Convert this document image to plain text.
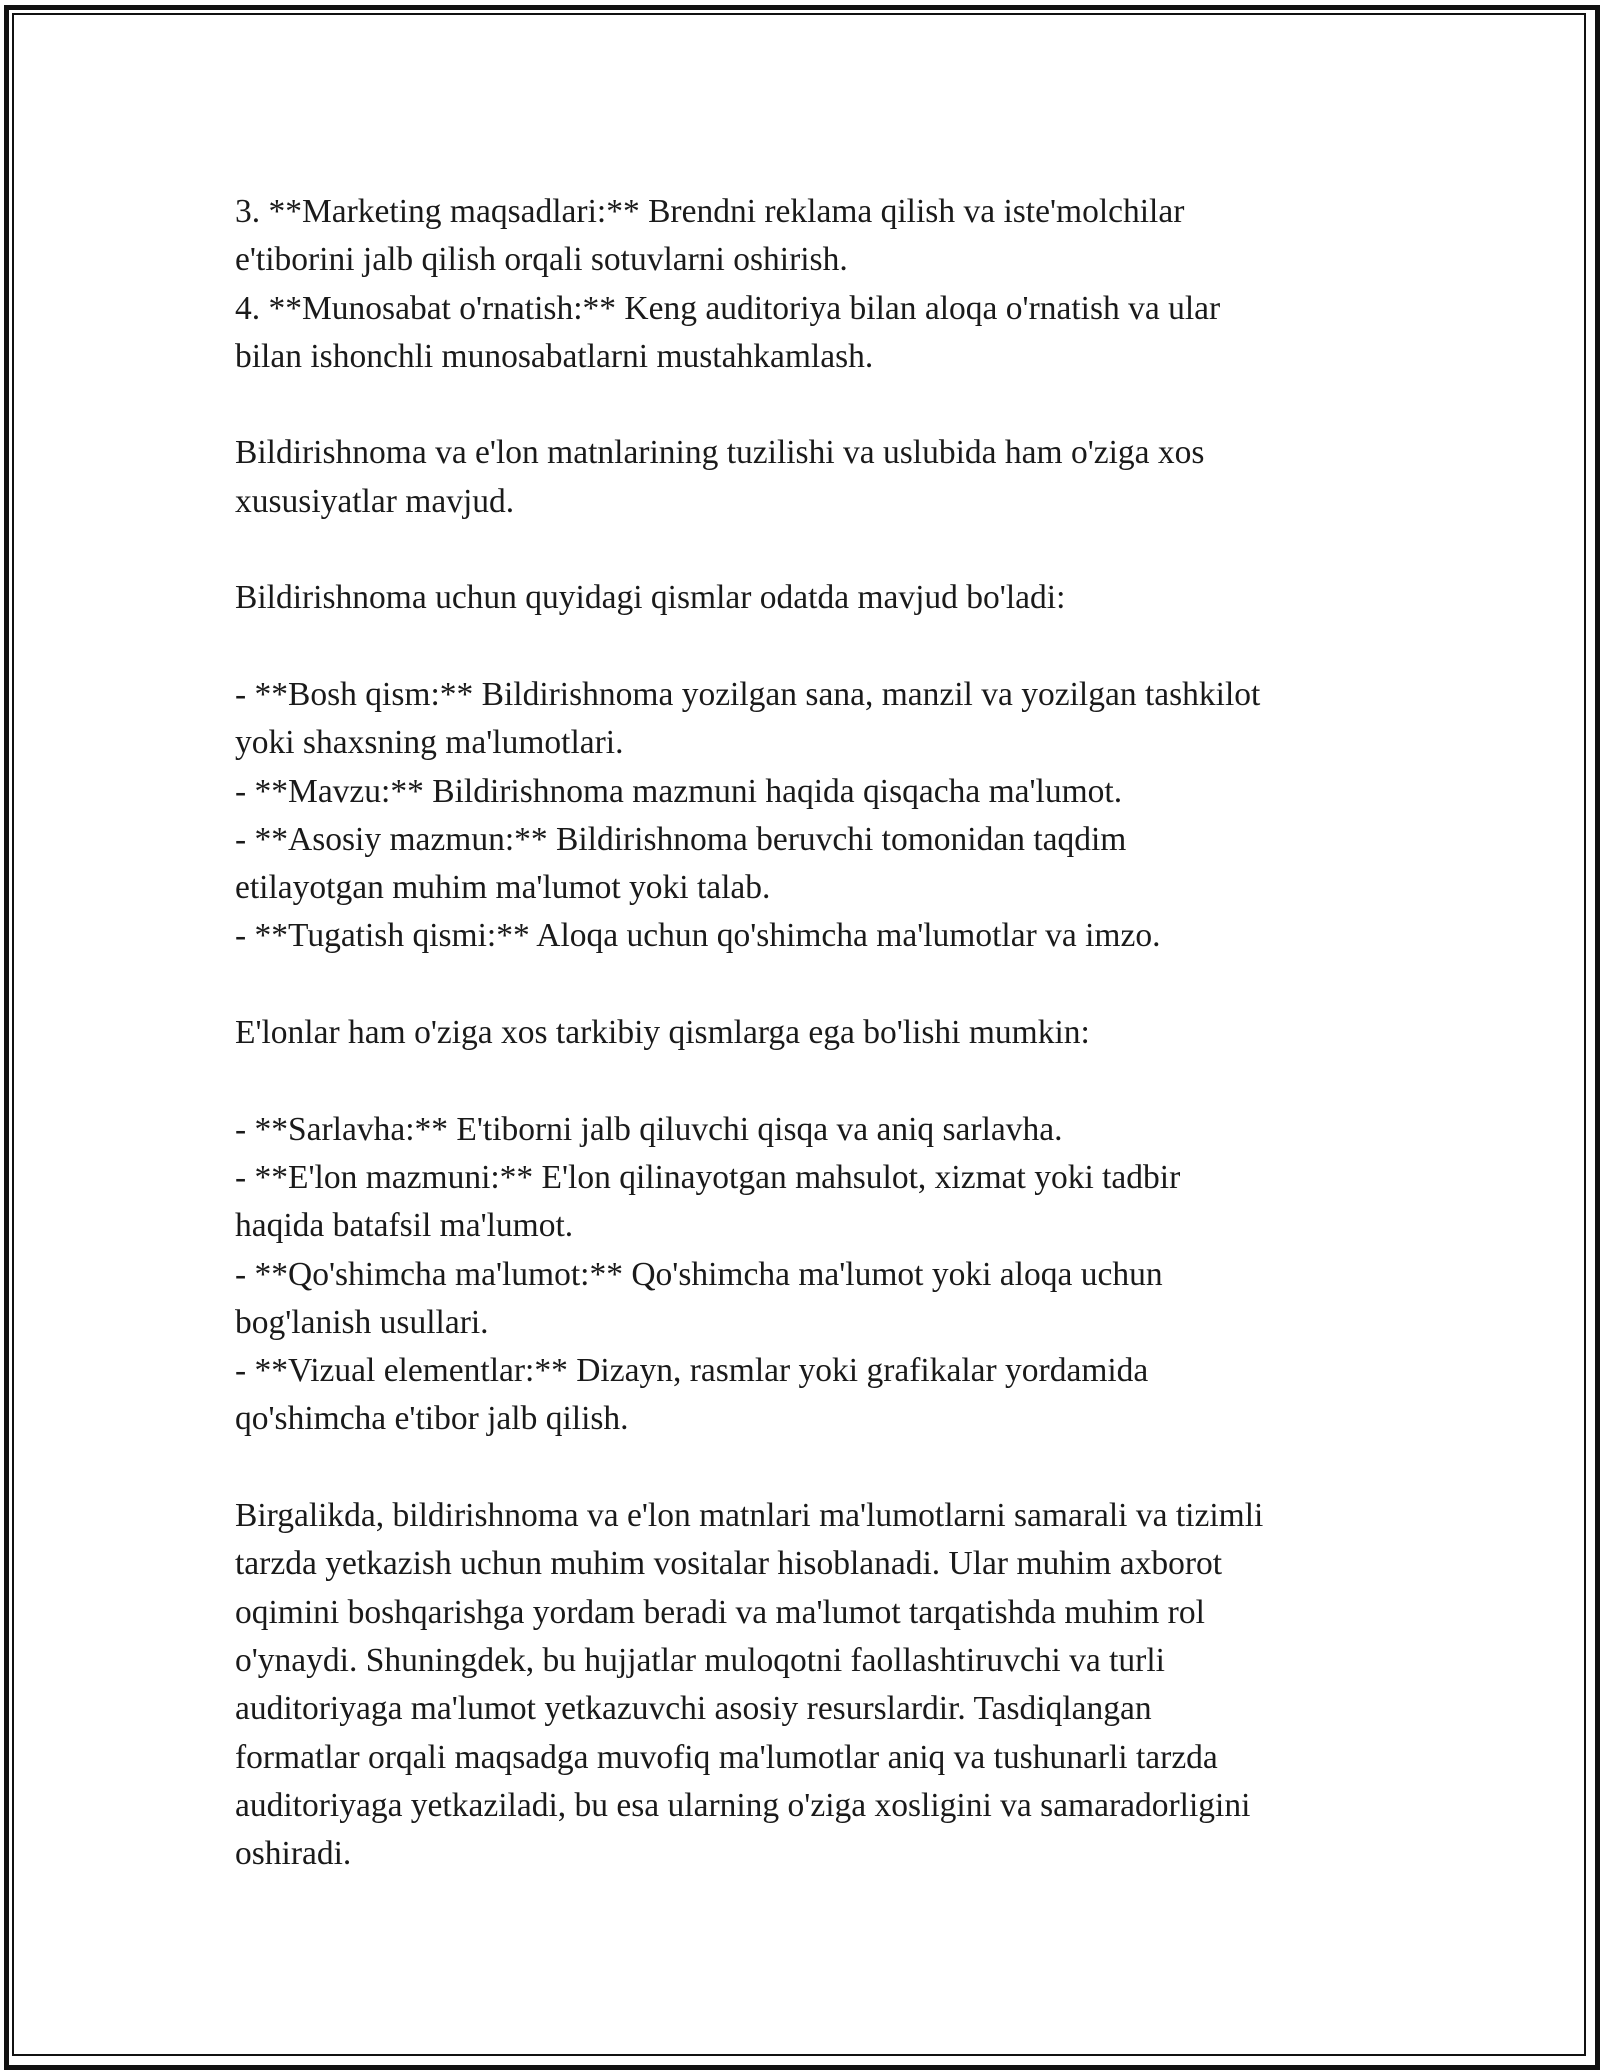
3. **Marketing maqsadlari:** Brendni reklama qilish va iste'molchilar
e'tiborini jalb qilish orqali sotuvlarni oshirish.
4. **Munosabat o'rnatish:** Keng auditoriya bilan aloqa o'rnatish va ular
bilan ishonchli munosabatlarni mustahkamlash.
Bildirishnoma va e'lon matnlarining tuzilishi va uslubida ham o'ziga xos
xususiyatlar mavjud.
Bildirishnoma uchun quyidagi qismlar odatda mavjud bo'ladi:
- **Bosh qism:** Bildirishnoma yozilgan sana, manzil va yozilgan tashkilot
yoki shaxsning ma'lumotlari.
- **Mavzu:** Bildirishnoma mazmuni haqida qisqacha ma'lumot.
- **Asosiy mazmun:** Bildirishnoma beruvchi tomonidan taqdim
etilayotgan muhim ma'lumot yoki talab.
- **Tugatish qismi:** Aloqa uchun qo'shimcha ma'lumotlar va imzo.
E'lonlar ham o'ziga xos tarkibiy qismlarga ega bo'lishi mumkin:
- **Sarlavha:** E'tiborni jalb qiluvchi qisqa va aniq sarlavha.
- **E'lon mazmuni:** E'lon qilinayotgan mahsulot, xizmat yoki tadbir
haqida batafsil ma'lumot.
- **Qo'shimcha ma'lumot:** Qo'shimcha ma'lumot yoki aloqa uchun
bog'lanish usullari.
- **Vizual elementlar:** Dizayn, rasmlar yoki grafikalar yordamida
qo'shimcha e'tibor jalb qilish.
Birgalikda, bildirishnoma va e'lon matnlari ma'lumotlarni samarali va tizimli
tarzda yetkazish uchun muhim vositalar hisoblanadi. Ular muhim axborot
oqimini boshqarishga yordam beradi va ma'lumot tarqatishda muhim rol
o'ynaydi. Shuningdek, bu hujjatlar muloqotni faollashtiruvchi va turli
auditoriyaga ma'lumot yetkazuvchi asosiy resurslardir. Tasdiqlangan
formatlar orqali maqsadga muvofiq ma'lumotlar aniq va tushunarli tarzda
auditoriyaga yetkaziladi, bu esa ularning o'ziga xosligini va samaradorligini
oshiradi.
